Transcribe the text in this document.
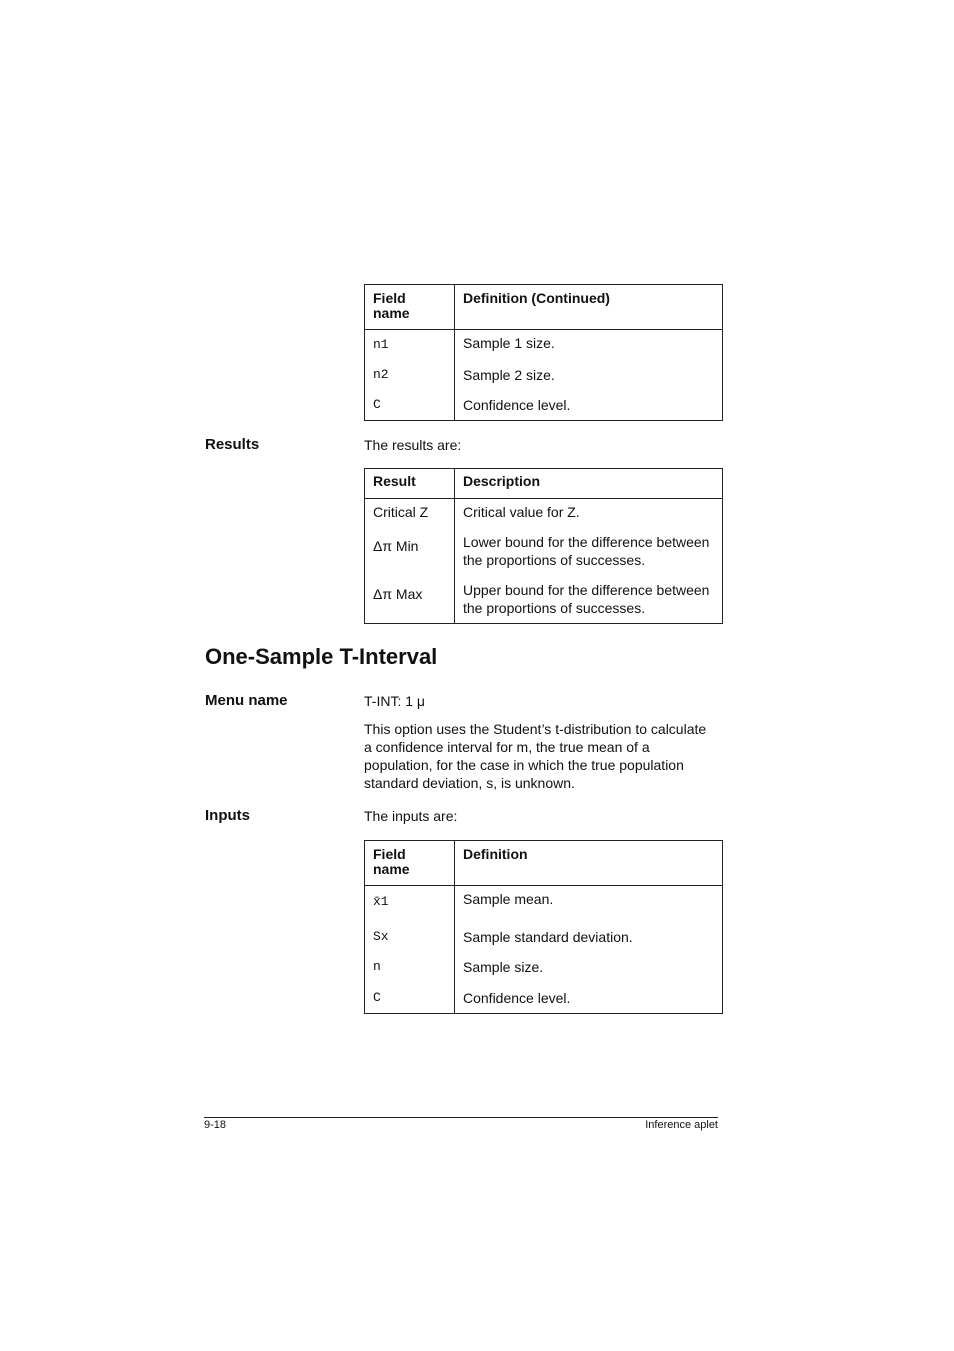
Field name	Definition (Continued)
n1	Sample 1 size.
n2	Sample 2 size.
C	Confidence level.
Results	The results are:
Result	Description
Critical Z	Critical value for Z.
Δπ Min	Lower bound for the difference between the proportions of successes.
Δπ Max	Upper bound for the difference between the proportions of successes.
One-Sample T-Interval
Menu name	T-INT: 1 μ
This option uses the Student’s t-distribution to calculate a confidence interval for m, the true mean of a population, for the case in which the true population standard deviation, s, is unknown.
Inputs	The inputs are:
Field name	Definition
x̄1	Sample mean.
Sx	Sample standard deviation.
n	Sample size.
C	Confidence level.
9-18	Inference aplet
